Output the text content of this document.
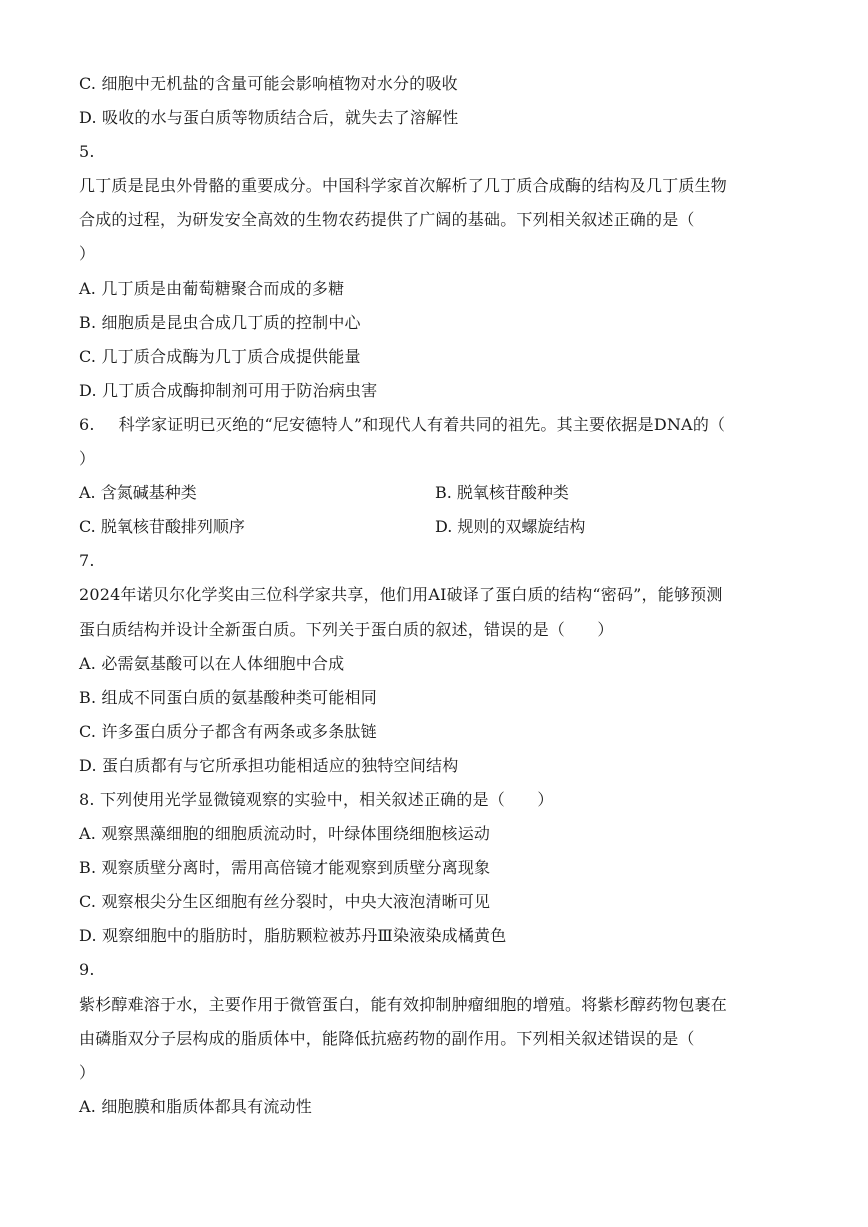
C. 细胞中无机盐的含量可能会影响植物对水分的吸收
D. 吸收的水与蛋白质等物质结合后，就失去了溶解性
5.
几丁质是昆虫外骨骼的重要成分。中国科学家首次解析了几丁质合成酶的结构及几丁质生物
合成的过程，为研发安全高效的生物农药提供了广阔的基础。下列相关叙述正确的是（
）
A. 几丁质是由葡萄糖聚合而成的多糖
B. 细胞质是昆虫合成几丁质的控制中心
C. 几丁质合成酶为几丁质合成提供能量
D. 几丁质合成酶抑制剂可用于防治病虫害
6. 科学家证明已灭绝的“尼安德特人”和现代人有着共同的祖先。其主要依据是DNA的（
）
A. 含氮碱基种类	B. 脱氧核苷酸种类
C. 脱氧核苷酸排列顺序	D. 规则的双螺旋结构
7.
2024年诺贝尔化学奖由三位科学家共享，他们用AI破译了蛋白质的结构“密码”，能够预测
蛋白质结构并设计全新蛋白质。下列关于蛋白质的叙述，错误的是（　　）
A. 必需氨基酸可以在人体细胞中合成
B. 组成不同蛋白质的氨基酸种类可能相同
C. 许多蛋白质分子都含有两条或多条肽链
D. 蛋白质都有与它所承担功能相适应的独特空间结构
8. 下列使用光学显微镜观察的实验中，相关叙述正确的是（　　）
A. 观察黑藻细胞的细胞质流动时，叶绿体围绕细胞核运动
B. 观察质壁分离时，需用高倍镜才能观察到质壁分离现象
C. 观察根尖分生区细胞有丝分裂时，中央大液泡清晰可见
D. 观察细胞中的脂肪时，脂肪颗粒被苏丹Ⅲ染液染成橘黄色
9.
紫杉醇难溶于水，主要作用于微管蛋白，能有效抑制肿瘤细胞的增殖。将紫杉醇药物包裹在
由磷脂双分子层构成的脂质体中，能降低抗癌药物的副作用。下列相关叙述错误的是（
）
A. 细胞膜和脂质体都具有流动性
